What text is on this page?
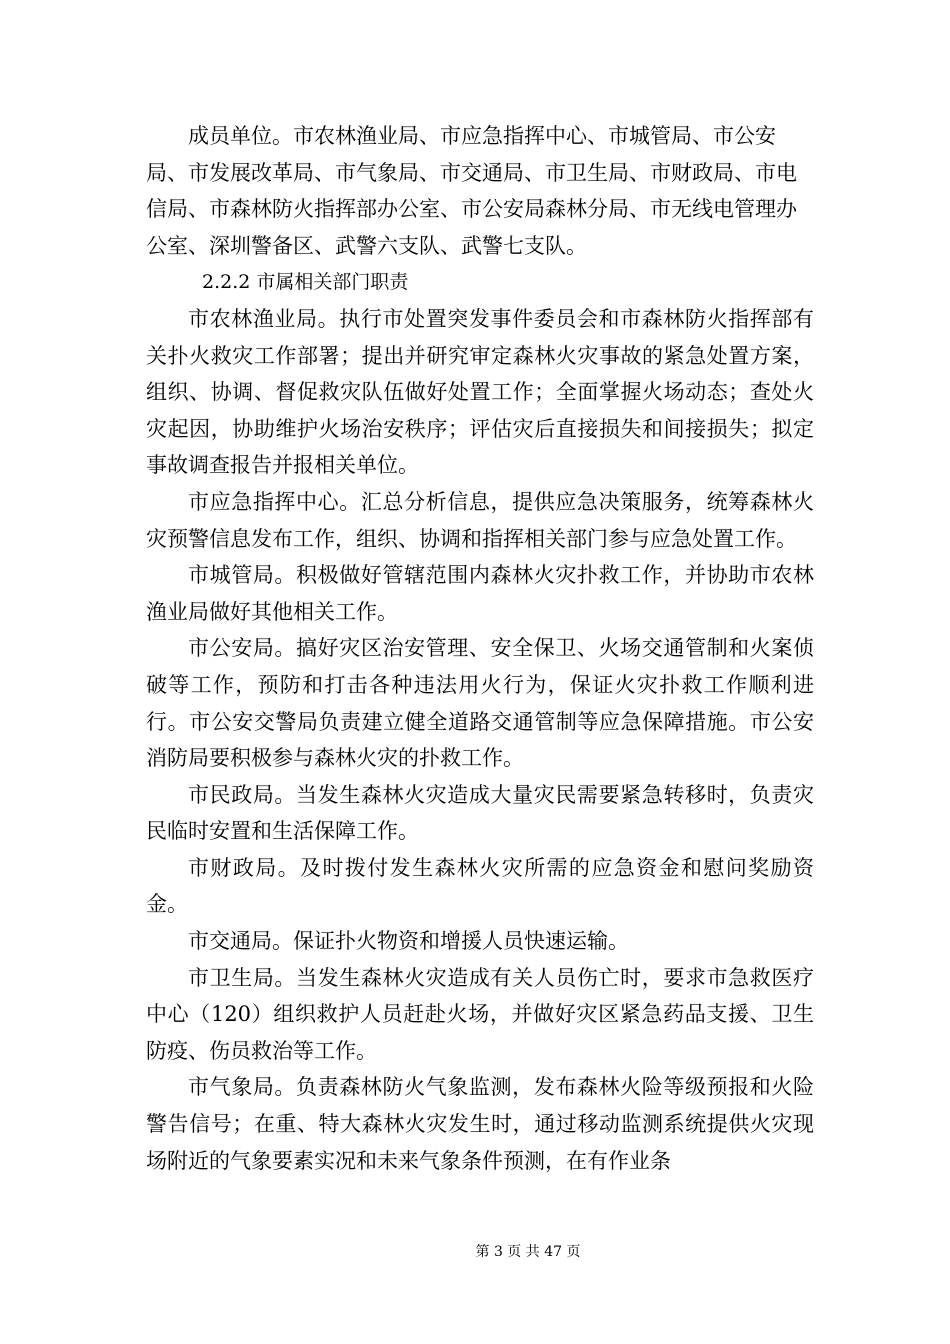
成员单位。市农林渔业局、市应急指挥中心、市城管局、市公安局、市发展改革局、市气象局、市交通局、市卫生局、市财政局、市电信局、市森林防火指挥部办公室、市公安局森林分局、市无线电管理办公室、深圳警备区、武警六支队、武警七支队。

2.2.2 市属相关部门职责

市农林渔业局。执行市处置突发事件委员会和市森林防火指挥部有关扑火救灾工作部署；提出并研究审定森林火灾事故的紧急处置方案，组织、协调、督促救灾队伍做好处置工作；全面掌握火场动态；查处火灾起因，协助维护火场治安秩序；评估灾后直接损失和间接损失；拟定事故调查报告并报相关单位。

市应急指挥中心。汇总分析信息，提供应急决策服务，统筹森林火灾预警信息发布工作，组织、协调和指挥相关部门参与应急处置工作。

市城管局。积极做好管辖范围内森林火灾扑救工作，并协助市农林渔业局做好其他相关工作。

市公安局。搞好灾区治安管理、安全保卫、火场交通管制和火案侦破等工作，预防和打击各种违法用火行为，保证火灾扑救工作顺利进行。市公安交警局负责建立健全道路交通管制等应急保障措施。市公安消防局要积极参与森林火灾的扑救工作。

市民政局。当发生森林火灾造成大量灾民需要紧急转移时，负责灾民临时安置和生活保障工作。

市财政局。及时拨付发生森林火灾所需的应急资金和慰问奖励资金。

市交通局。保证扑火物资和增援人员快速运输。

市卫生局。当发生森林火灾造成有关人员伤亡时，要求市急救医疗中心（120）组织救护人员赶赴火场，并做好灾区紧急药品支援、卫生防疫、伤员救治等工作。

市气象局。负责森林防火气象监测，发布森林火险等级预报和火险警告信号；在重、特大森林火灾发生时，通过移动监测系统提供火灾现场附近的气象要素实况和未来气象条件预测，在有作业条

第 3 页 共 47 页
